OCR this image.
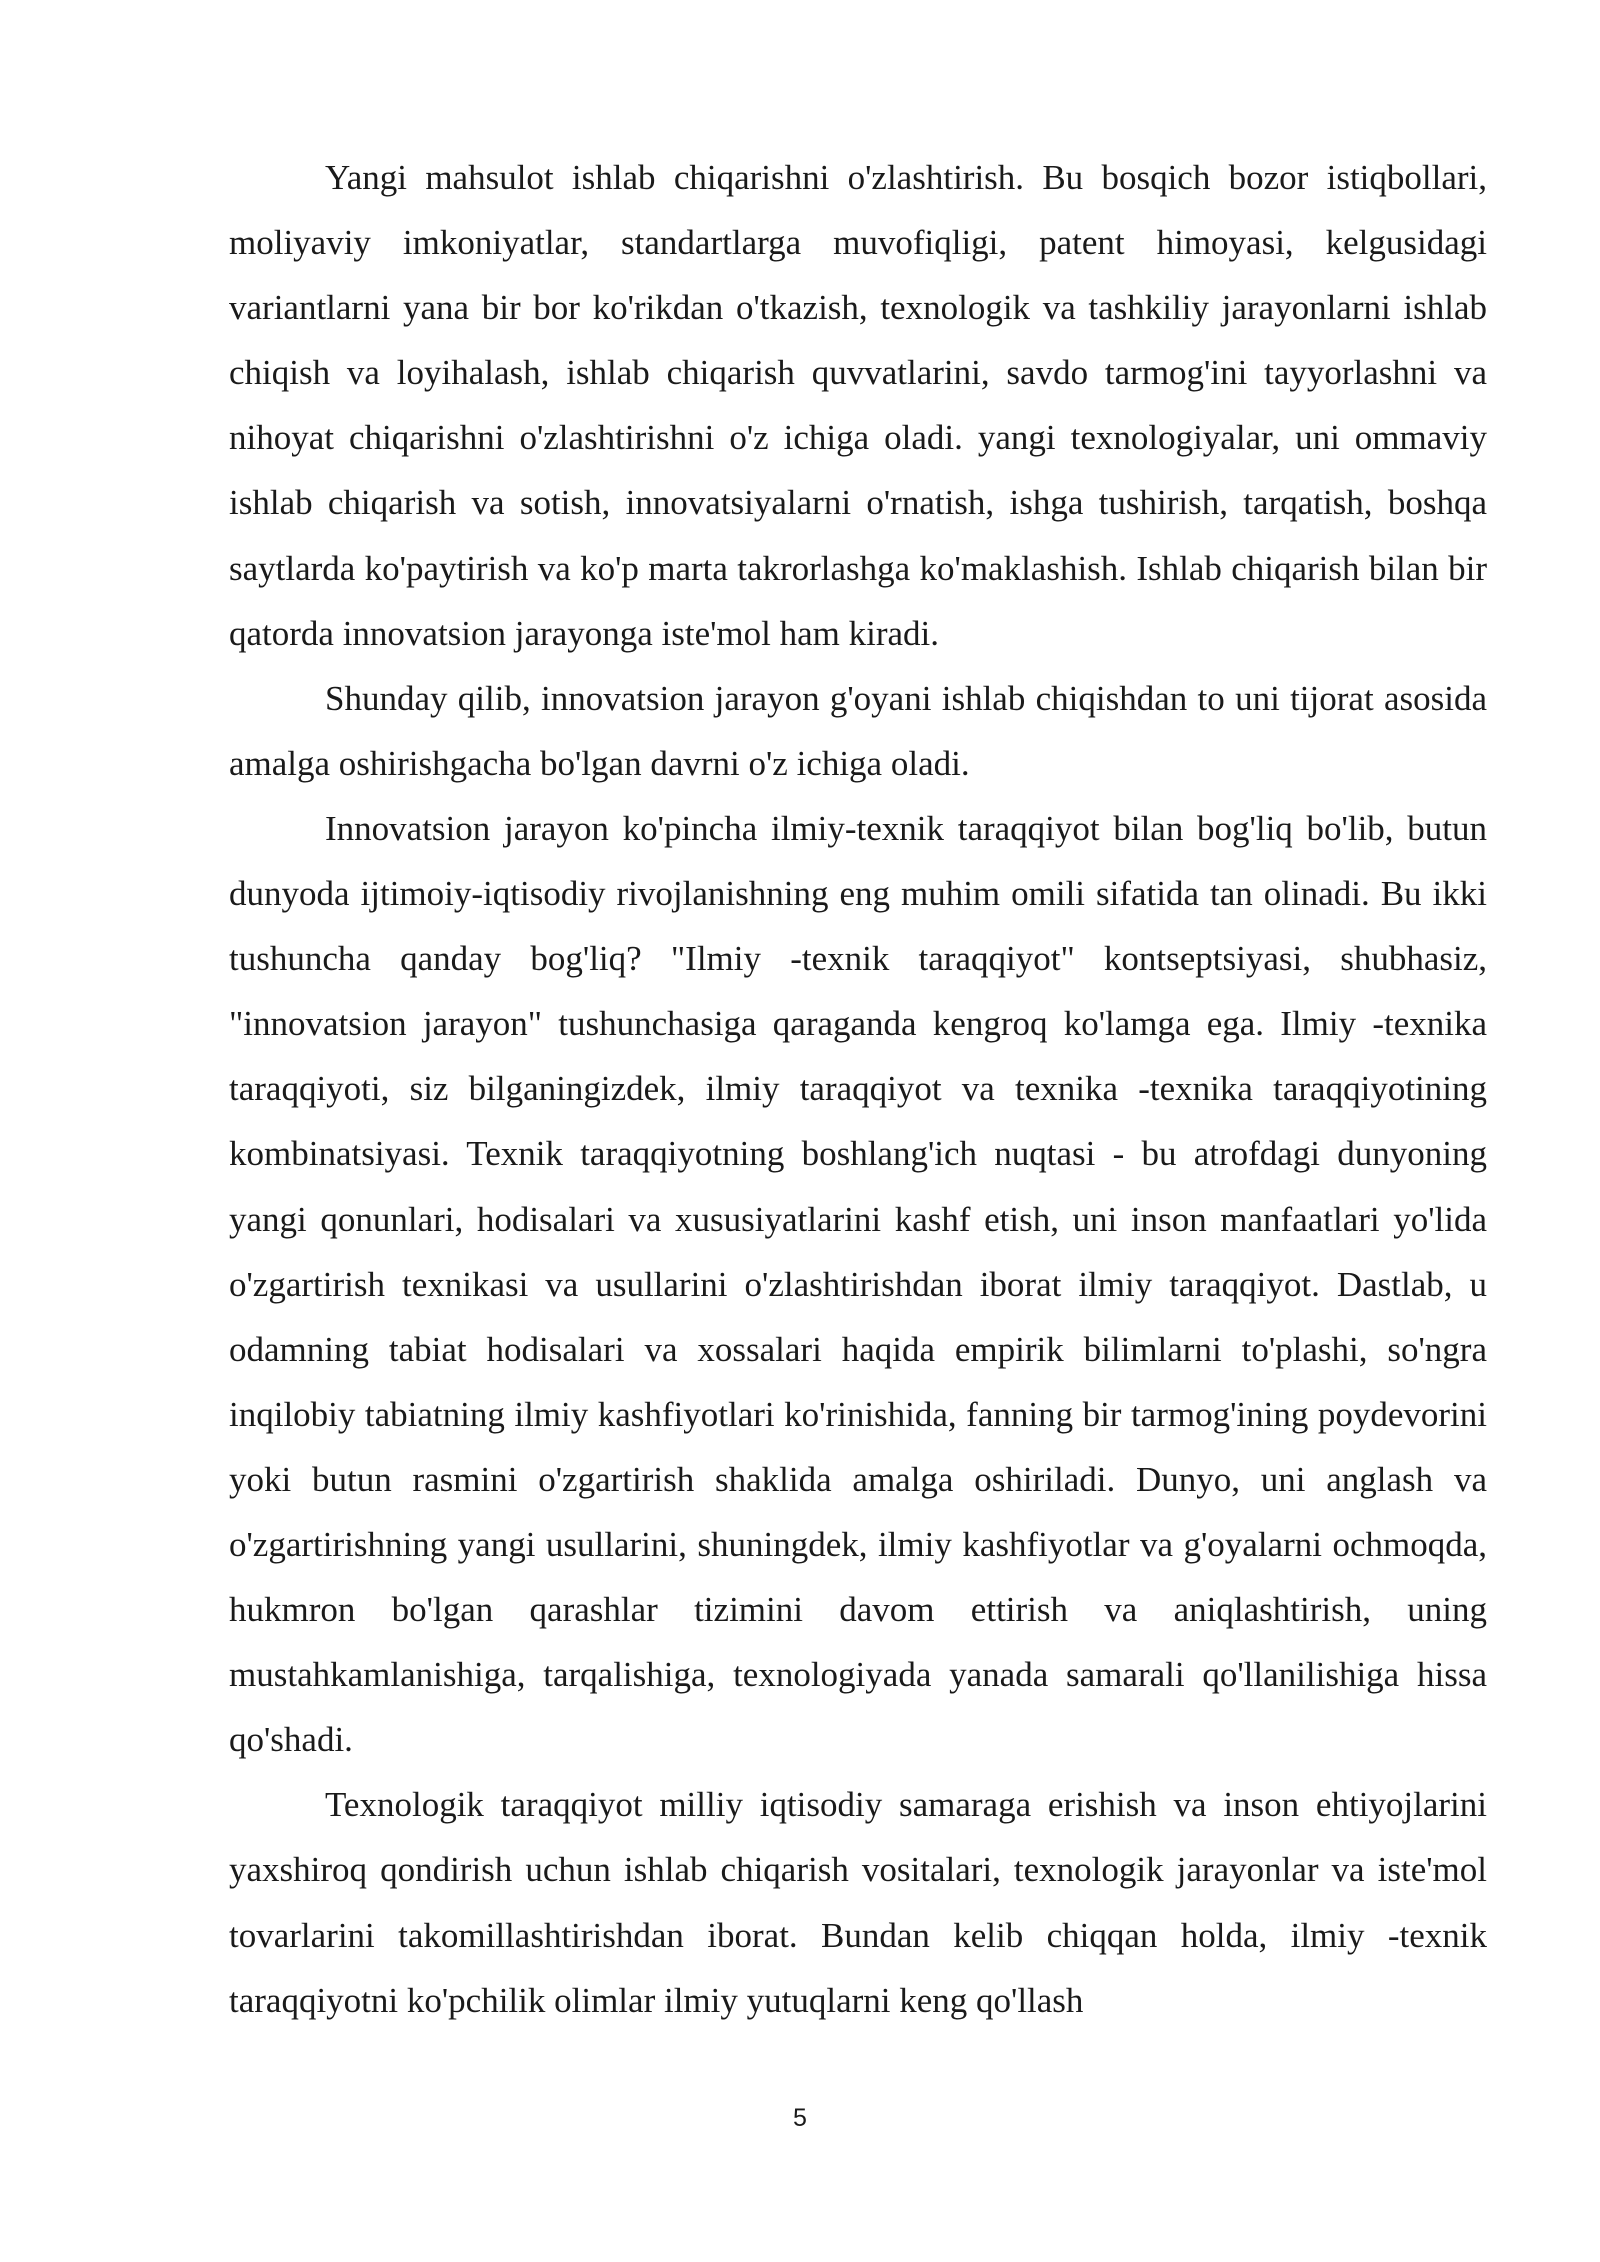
Yangi mahsulot ishlab chiqarishni o'zlashtirish. Bu bosqich bozor istiqbollari, moliyaviy imkoniyatlar, standartlarga muvofiqligi, patent himoyasi, kelgusidagi variantlarni yana bir bor ko'rikdan o'tkazish, texnologik va tashkiliy jarayonlarni ishlab chiqish va loyihalash, ishlab chiqarish quvvatlarini, savdo tarmog'ini tayyorlashni va nihoyat chiqarishni o'zlashtirishni o'z ichiga oladi. yangi texnologiyalar, uni ommaviy ishlab chiqarish va sotish, innovatsiyalarni o'rnatish, ishga tushirish, tarqatish, boshqa saytlarda ko'paytirish va ko'p marta takrorlashga ko'maklashish. Ishlab chiqarish bilan bir qatorda innovatsion jarayonga iste'mol ham kiradi.

Shunday qilib, innovatsion jarayon g'oyani ishlab chiqishdan to uni tijorat asosida amalga oshirishgacha bo'lgan davrni o'z ichiga oladi.

Innovatsion jarayon ko'pincha ilmiy-texnik taraqqiyot bilan bog'liq bo'lib, butun dunyoda ijtimoiy-iqtisodiy rivojlanishning eng muhim omili sifatida tan olinadi. Bu ikki tushuncha qanday bog'liq? "Ilmiy -texnik taraqqiyot" kontseptsiyasi, shubhasiz, "innovatsion jarayon" tushunchasiga qaraganda kengroq ko'lamga ega. Ilmiy -texnika taraqqiyoti, siz bilganingizdek, ilmiy taraqqiyot va texnika -texnika taraqqiyotining kombinatsiyasi. Texnik taraqqiyotning boshlang'ich nuqtasi - bu atrofdagi dunyoning yangi qonunlari, hodisalari va xususiyatlarini kashf etish, uni inson manfaatlari yo'lida o'zgartirish texnikasi va usullarini o'zlashtirishdan iborat ilmiy taraqqiyot. Dastlab, u odamning tabiat hodisalari va xossalari haqida empirik bilimlarni to'plashi, so'ngra inqilobiy tabiatning ilmiy kashfiyotlari ko'rinishida, fanning bir tarmog'ining poydevorini yoki butun rasmini o'zgartirish shaklida amalga oshiriladi. Dunyo, uni anglash va o'zgartirishning yangi usullarini, shuningdek, ilmiy kashfiyotlar va g'oyalarni ochmoqda, hukmron bo'lgan qarashlar tizimini davom ettirish va aniqlashtirish, uning mustahkamlanishiga, tarqalishiga, texnologiyada yanada samarali qo'llanilishiga hissa qo'shadi.

Texnologik taraqqiyot milliy iqtisodiy samaraga erishish va inson ehtiyojlarini yaxshiroq qondirish uchun ishlab chiqarish vositalari, texnologik jarayonlar va iste'mol tovarlarini takomillashtirishdan iborat. Bundan kelib chiqqan holda, ilmiy -texnik taraqqiyotni ko'pchilik olimlar ilmiy yutuqlarni keng qo'llash

5
